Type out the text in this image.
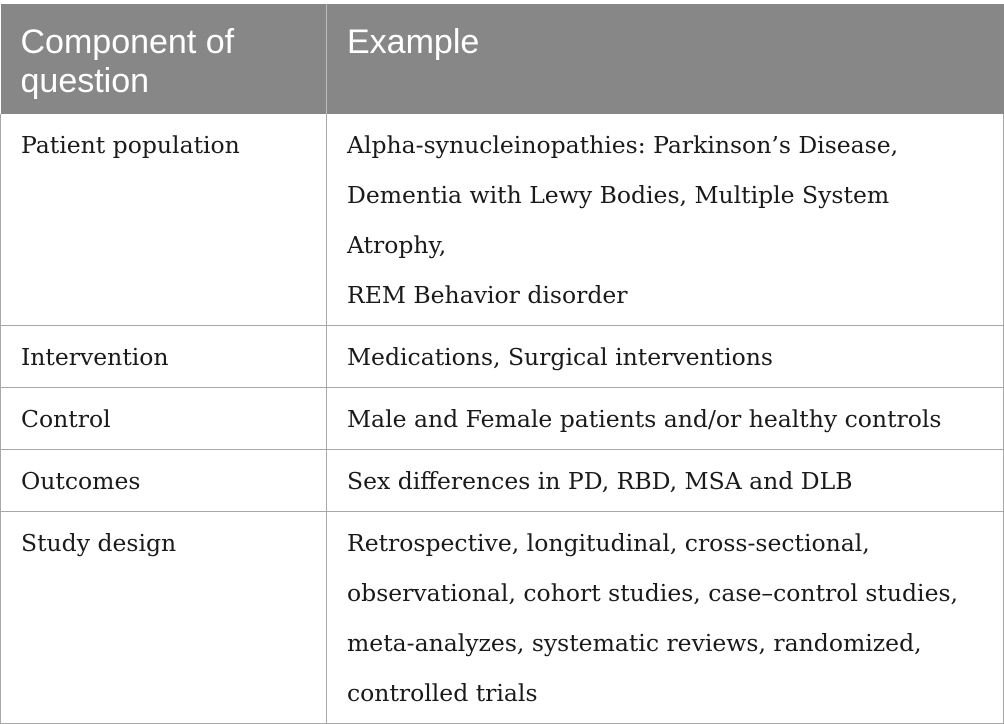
Component of question	Example
Patient population	Alpha-synucleinopathies: Parkinson’s Disease,
Dementia with Lewy Bodies, Multiple System Atrophy,
REM Behavior disorder

Intervention	Medications, Surgical interventions

Control	Male and Female patients and/or healthy controls

Outcomes	Sex differences in PD, RBD, MSA and DLB

Study design	Retrospective, longitudinal, cross-sectional,
observational, cohort studies, case–control studies,
meta-analyzes, systematic reviews, randomized,
controlled trials
